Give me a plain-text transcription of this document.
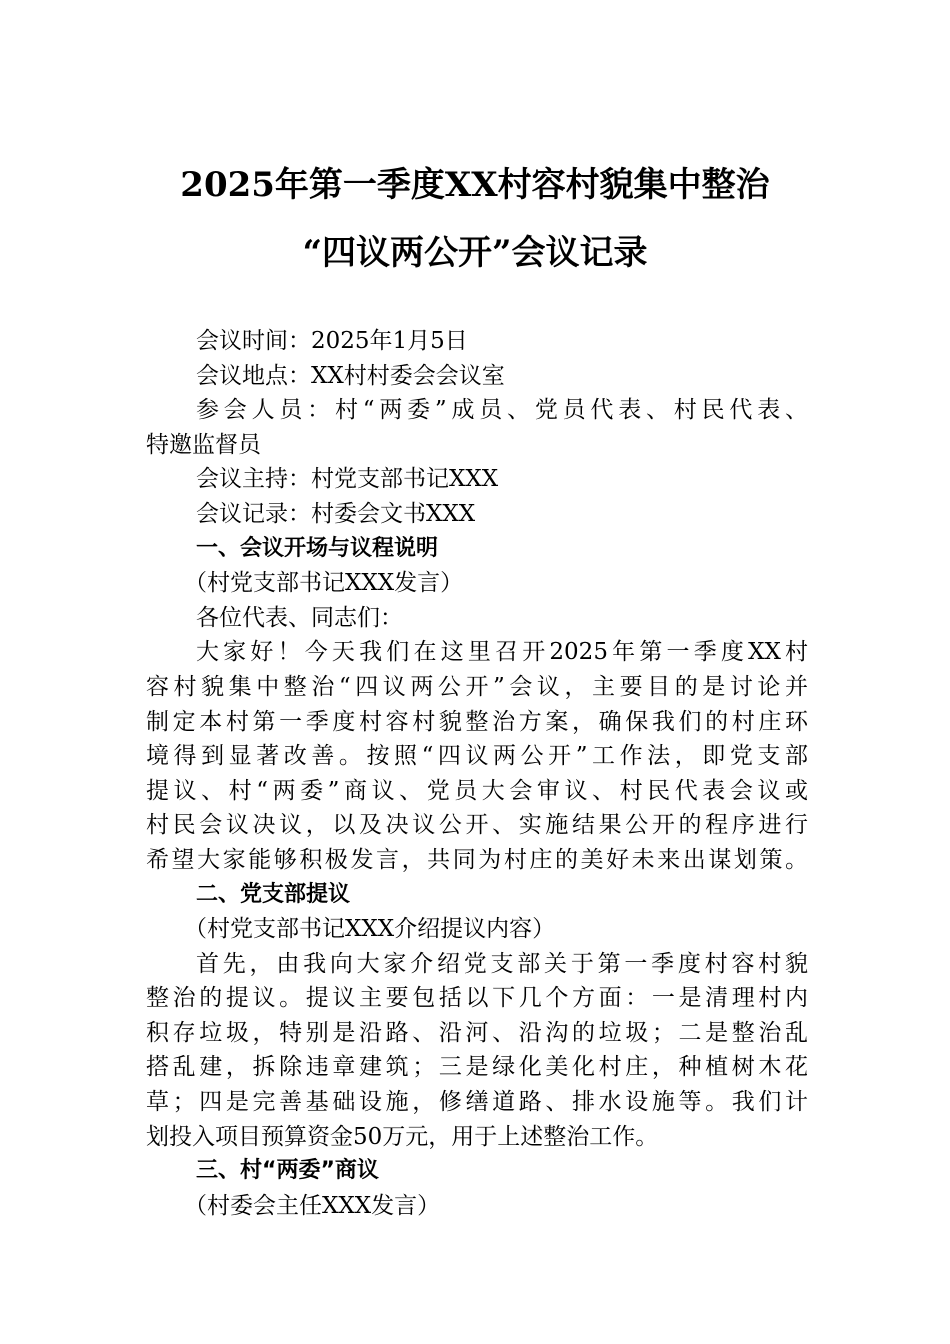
2025年第一季度XX村容村貌集中整治
“四议两公开”会议记录
会议时间：2025年1月5日
会议地点：XX村村委会会议室
参会人员：村“两委”成员、党员代表、村民代表、
特邀监督员
会议主持：村党支部书记XXX
会议记录：村委会文书XXX
一、会议开场与议程说明
（村党支部书记XXX发言）
各位代表、同志们：
大家好！今天我们在这里召开2025年第一季度XX村
容村貌集中整治“四议两公开”会议，主要目的是讨论并
制定本村第一季度村容村貌整治方案，确保我们的村庄环
境得到显著改善。按照“四议两公开”工作法，即党支部
提议、村“两委”商议、党员大会审议、村民代表会议或
村民会议决议，以及决议公开、实施结果公开的程序进行
希望大家能够积极发言，共同为村庄的美好未来出谋划策。
二、党支部提议
（村党支部书记XXX介绍提议内容）
首先，由我向大家介绍党支部关于第一季度村容村貌
整治的提议。提议主要包括以下几个方面：一是清理村内
积存垃圾，特别是沿路、沿河、沿沟的垃圾；二是整治乱
搭乱建，拆除违章建筑；三是绿化美化村庄，种植树木花
草；四是完善基础设施，修缮道路、排水设施等。我们计
划投入项目预算资金50万元，用于上述整治工作。
三、村“两委”商议
（村委会主任XXX发言）
